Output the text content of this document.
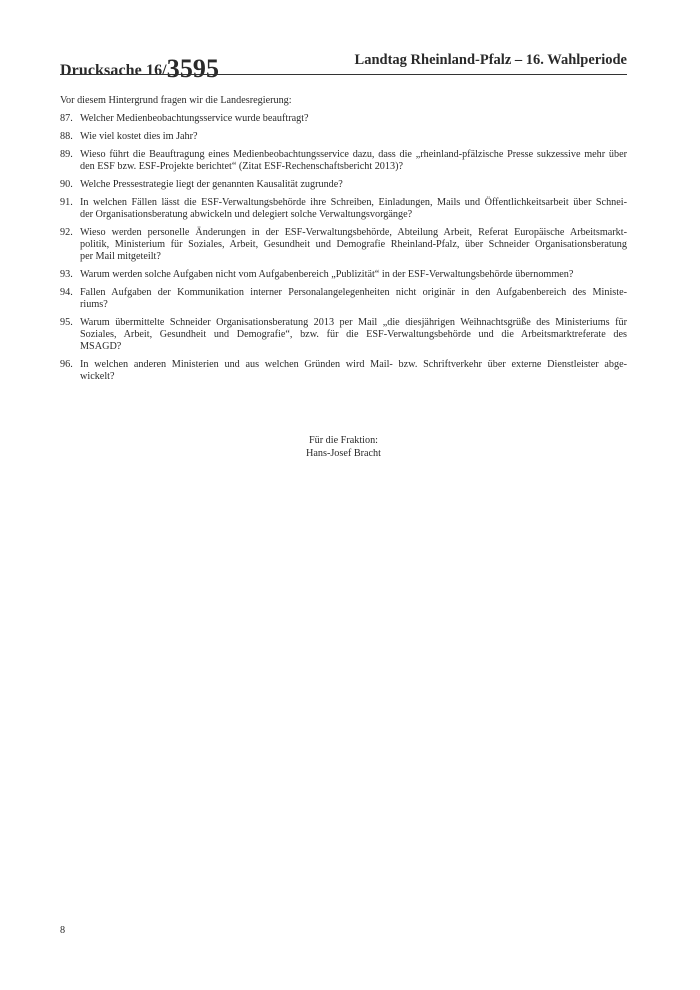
Drucksache 16/3595	Landtag Rheinland-Pfalz – 16. Wahlperiode
Vor diesem Hintergrund fragen wir die Landesregierung:
87. Welcher Medienbeobachtungsservice wurde beauftragt?
88. Wie viel kostet dies im Jahr?
89. Wieso führt die Beauftragung eines Medienbeobachtungsservice dazu, dass die „rheinland-pfälzische Presse sukzessive mehr über
den ESF bzw. ESF-Projekte berichtet“ (Zitat ESF-Rechenschaftsbericht 2013)?
90. Welche Pressestrategie liegt der genannten Kausalität zugrunde?
91. In welchen Fällen lässt die ESF-Verwaltungsbehörde ihre Schreiben, Einladungen, Mails und Öffentlichkeitsarbeit über Schnei-
der Organisationsberatung abwickeln und delegiert solche Verwaltungsvorgänge?
92. Wieso werden personelle Änderungen in der ESF-Verwaltungsbehörde, Abteilung Arbeit, Referat Europäische Arbeitsmarkt-
politik, Ministerium für Soziales, Arbeit, Gesundheit und Demografie Rheinland-Pfalz, über Schneider Organisationsberatung
per Mail mitgeteilt?
93. Warum werden solche Aufgaben nicht vom Aufgabenbereich „Publizität“ in der ESF-Verwaltungsbehörde übernommen?
94. Fallen Aufgaben der Kommunikation interner Personalangelegenheiten nicht originär in den Aufgabenbereich des Ministe-
riums?
95. Warum übermittelte Schneider Organisationsberatung 2013 per Mail „die diesjährigen Weihnachtsgrüße des Ministeriums für
Soziales, Arbeit, Gesundheit und Demografie“, bzw. für die ESF-Verwaltungsbehörde und die Arbeitsmarktreferate des
MSAGD?
96. In welchen anderen Ministerien und aus welchen Gründen wird Mail- bzw. Schriftverkehr über externe Dienstleister abge-
wickelt?
Für die Fraktion:
Hans-Josef Bracht
8
